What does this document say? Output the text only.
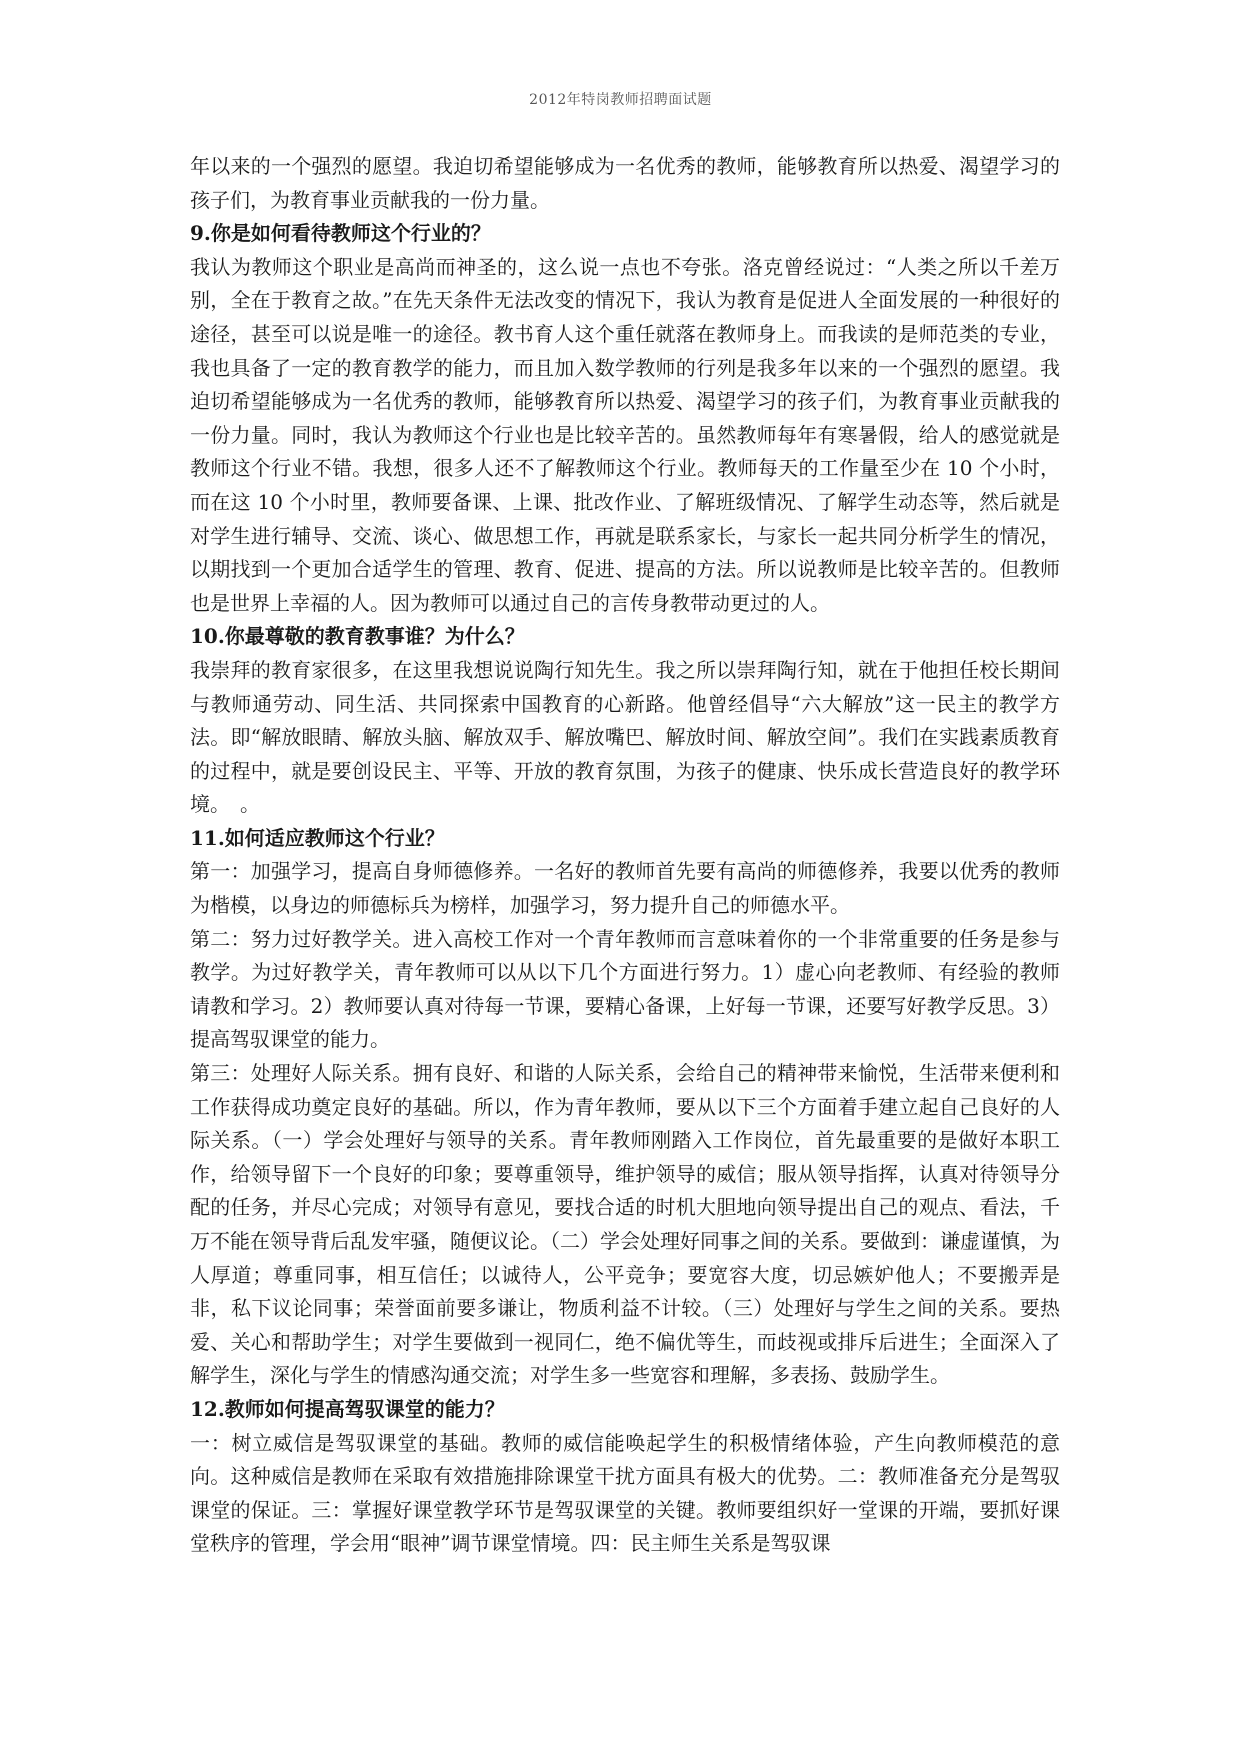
2012年特岗教师招聘面试题

年以来的一个强烈的愿望。我迫切希望能够成为一名优秀的教师，能够教育所以热爱、渴望学习的孩子们，为教育事业贡献我的一份力量。

9.你是如何看待教师这个行业的？

我认为教师这个职业是高尚而神圣的，这么说一点也不夸张。洛克曾经说过：“人类之所以千差万别，全在于教育之故。”在先天条件无法改变的情况下，我认为教育是促进人全面发展的一种很好的途径，甚至可以说是唯一的途径。教书育人这个重任就落在教师身上。而我读的是师范类的专业，我也具备了一定的教育教学的能力，而且加入数学教师的行列是我多年以来的一个强烈的愿望。我迫切希望能够成为一名优秀的教师，能够教育所以热爱、渴望学习的孩子们，为教育事业贡献我的一份力量。同时，我认为教师这个行业也是比较辛苦的。虽然教师每年有寒暑假，给人的感觉就是教师这个行业不错。我想，很多人还不了解教师这个行业。教师每天的工作量至少在 10 个小时，而在这 10 个小时里，教师要备课、上课、批改作业、了解班级情况、了解学生动态等，然后就是对学生进行辅导、交流、谈心、做思想工作，再就是联系家长，与家长一起共同分析学生的情况，以期找到一个更加合适学生的管理、教育、促进、提高的方法。所以说教师是比较辛苦的。但教师也是世界上幸福的人。因为教师可以通过自己的言传身教带动更过的人。

10.你最尊敬的教育教事谁？为什么？

我崇拜的教育家很多，在这里我想说说陶行知先生。我之所以崇拜陶行知，就在于他担任校长期间与教师通劳动、同生活、共同探索中国教育的心新路。他曾经倡导“六大解放”这一民主的教学方法。即“解放眼睛、解放头脑、解放双手、解放嘴巴、解放时间、解放空间”。我们在实践素质教育的过程中，就是要创设民主、平等、开放的教育氛围，为孩子的健康、快乐成长营造良好的教学环境。　。

11.如何适应教师这个行业？

第一：加强学习，提高自身师德修养。一名好的教师首先要有高尚的师德修养，我要以优秀的教师为楷模，以身边的师德标兵为榜样，加强学习，努力提升自己的师德水平。

第二：努力过好教学关。进入高校工作对一个青年教师而言意味着你的一个非常重要的任务是参与教学。为过好教学关，青年教师可以从以下几个方面进行努力。1）虚心向老教师、有经验的教师请教和学习。2）教师要认真对待每一节课，要精心备课，上好每一节课，还要写好教学反思。3）提高驾驭课堂的能力。

第三：处理好人际关系。拥有良好、和谐的人际关系，会给自己的精神带来愉悦，生活带来便利和工作获得成功奠定良好的基础。所以，作为青年教师，要从以下三个方面着手建立起自己良好的人际关系。（一）学会处理好与领导的关系。青年教师刚踏入工作岗位，首先最重要的是做好本职工作，给领导留下一个良好的印象；要尊重领导，维护领导的威信；服从领导指挥，认真对待领导分配的任务，并尽心完成；对领导有意见，要找合适的时机大胆地向领导提出自己的观点、看法，千万不能在领导背后乱发牢骚，随便议论。（二）学会处理好同事之间的关系。要做到：谦虚谨慎，为人厚道；尊重同事，相互信任；以诚待人，公平竞争；要宽容大度，切忌嫉妒他人；不要搬弄是非，私下议论同事；荣誉面前要多谦让，物质利益不计较。（三）处理好与学生之间的关系。要热爱、关心和帮助学生；对学生要做到一视同仁，绝不偏优等生，而歧视或排斥后进生；全面深入了解学生，深化与学生的情感沟通交流；对学生多一些宽容和理解，多表扬、鼓励学生。

12.教师如何提高驾驭课堂的能力？

一：树立威信是驾驭课堂的基础。教师的威信能唤起学生的积极情绪体验，产生向教师模范的意向。这种威信是教师在采取有效措施排除课堂干扰方面具有极大的优势。二：教师准备充分是驾驭课堂的保证。三：掌握好课堂教学环节是驾驭课堂的关键。教师要组织好一堂课的开端，要抓好课堂秩序的管理，学会用“眼神”调节课堂情境。四：民主师生关系是驾驭课
